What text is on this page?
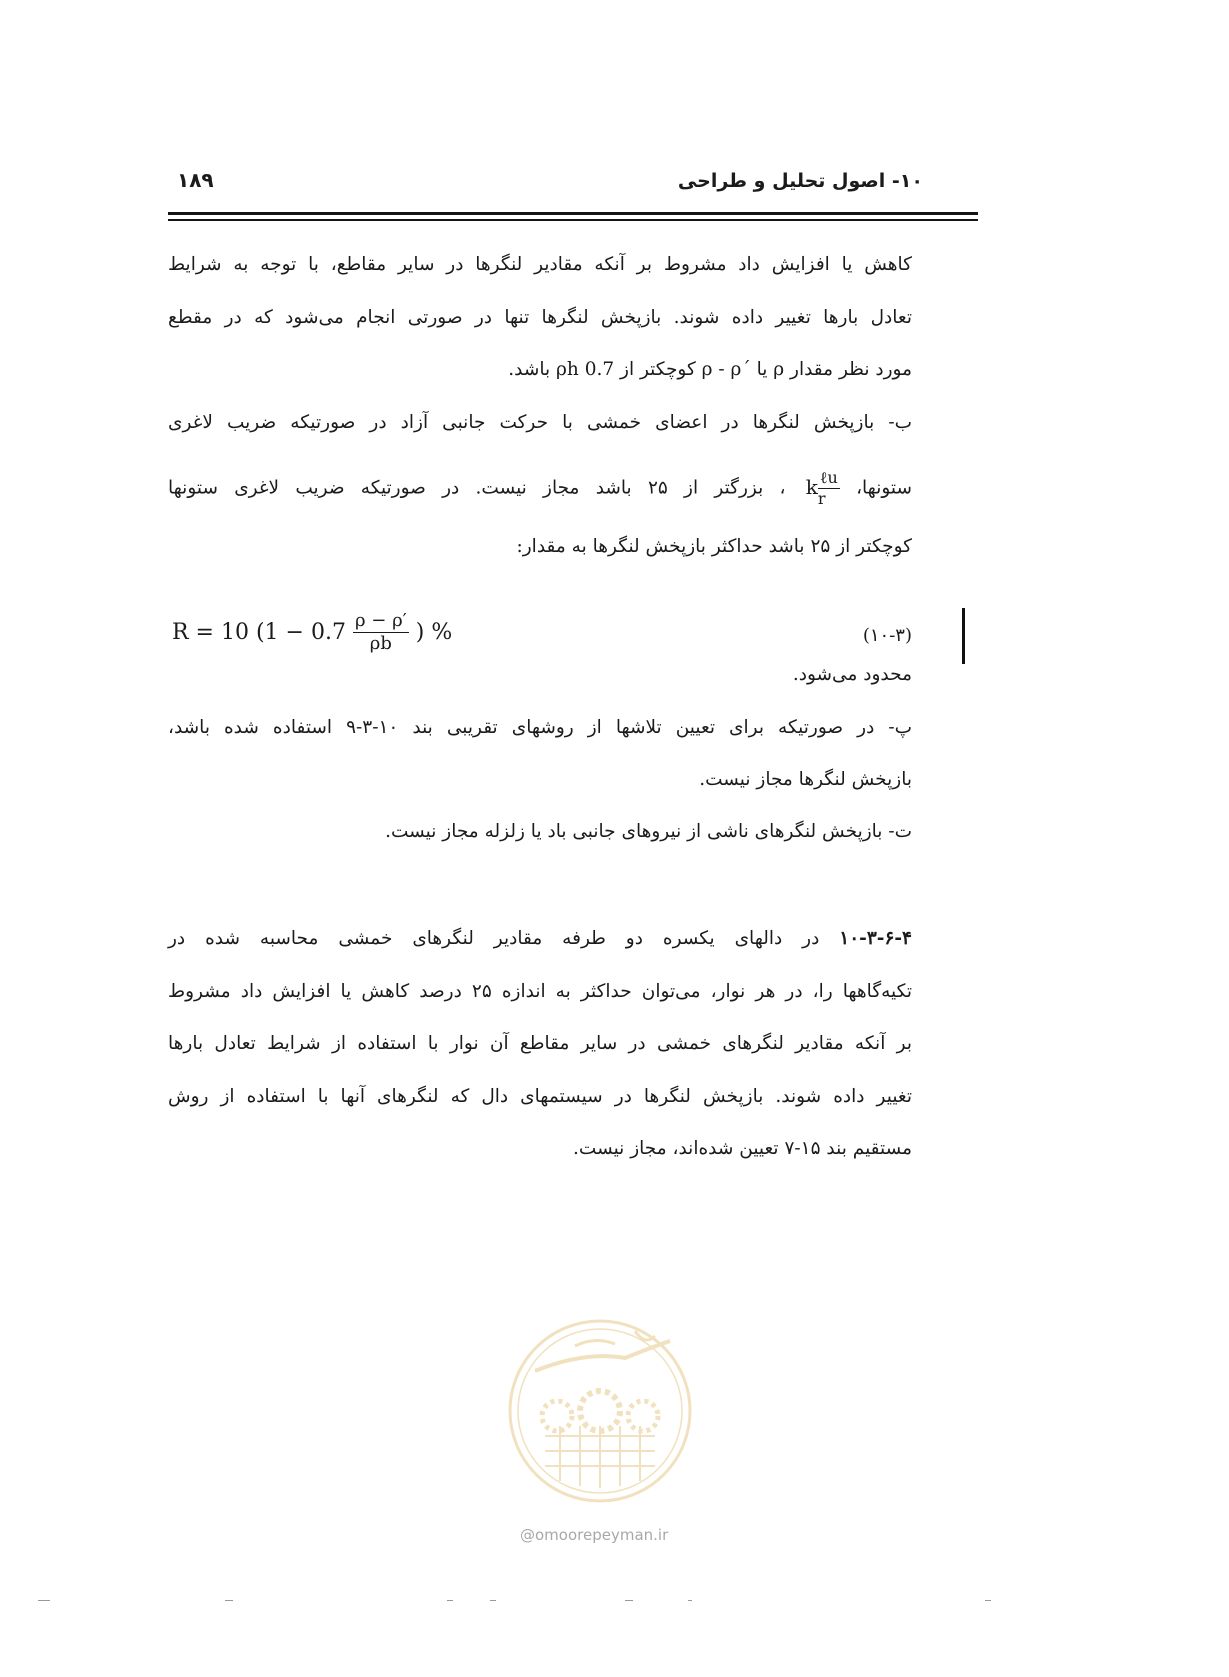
۱۰- اصول تحلیل و طراحی
۱۸۹
کاهش یا افزایش داد مشروط بر آنکه مقادیر لنگرها در سایر مقاطع، با توجه به شرایط
تعادل بارها تغییر داده شوند. بازپخش لنگرها تنها در صورتی انجام می‌شود که در مقطع
مورد نظر مقدار ρ یا ´ρ - ρ کوچکتر از ρh 0.7 باشد.
ب- بازپخش لنگرها در اعضای خمشی با حرکت جانبی آزاد در صورتیکه ضریب لاغری
ستونها، k $\frac{\text{ℓu}}{r}$
، بزرگتر از ۲۵ باشد مجاز نیست. در صورتیکه ضریب لاغری ستونها
کوچکتر از ۲۵ باشد حداکثر بازپخش لنگرها به مقدار:
R = 10 ($1 - 0.7 \frac{\rho - \rho'}{\rho b}$ ) %	(۱۰-۳)
محدود می‌شود.
پ- در صورتیکه برای تعیین تلاشها از روشهای تقریبی بند ۱۰-۳-۹ استفاده شده باشد،
بازپخش لنگرها مجاز نیست.
ت- بازپخش لنگرهای ناشی از نیروهای جانبی باد یا زلزله مجاز نیست.
۱۰-۳-۶-۴ در دالهای یکسره دو طرفه مقادیر لنگرهای خمشی محاسبه شده در
تکیه‌گاهها را، در هر نوار، می‌توان حداکثر به اندازه ۲۵ درصد کاهش یا افزایش داد مشروط
بر آنکه مقادیر لنگرهای خمشی در سایر مقاطع آن نوار با استفاده از شرایط تعادل بارها
تغییر داده شوند. بازپخش لنگرها در سیستمهای دال که لنگرهای آنها با استفاده از روش
مستقیم بند ۱۵-۷ تعیین شده‌اند، مجاز نیست.
@omoorepeyman.ir
